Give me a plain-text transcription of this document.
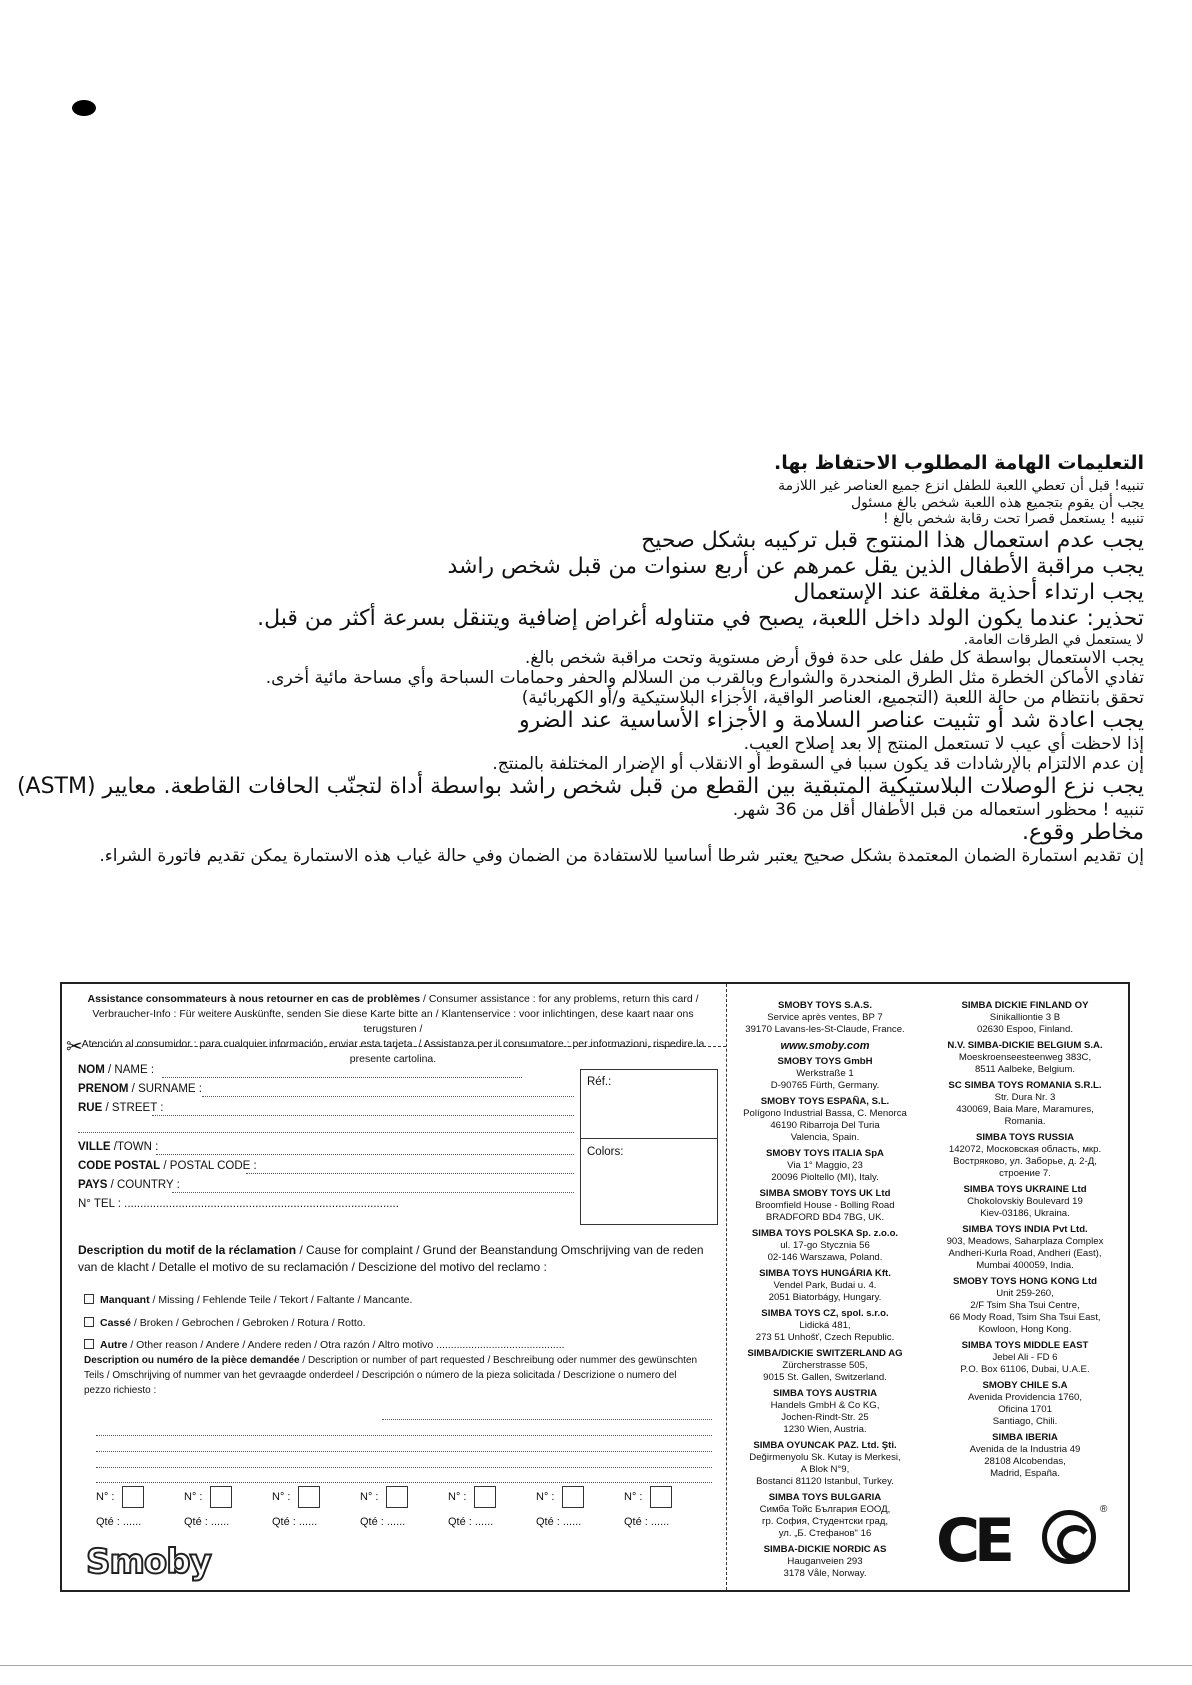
التعليمات الهامة المطلوب الاحتفاظ بها.
تنبيه! قبل أن تعطي اللعبة للطفل انزع جميع العناصر غير اللازمة
يجب أن يقوم بتجميع هذه اللعبة شخص بالغ مسئول
تنبيه ! يستعمل قصرا تحت رقابة شخص بالغ !
يجب عدم استعمال هذا المنتوج قبل تركيبه بشكل صحيح
يجب مراقبة الأطفال الذين يقل عمرهم عن أربع سنوات من قبل شخص راشد
يجب ارتداء أحذية مغلقة عند الإستعمال
تحذير: عندما يكون الولد داخل اللعبة، يصبح في متناوله أغراض إضافية ويتنقل بسرعة أكثر من قبل.
لا يستعمل في الطرقات العامة.
يجب الاستعمال بواسطة كل طفل على حدة فوق أرض مستوية وتحت مراقبة شخص بالغ.
تفادي الأماكن الخطرة مثل الطرق المنحدرة والشوارع وبالقرب من السلالم والحفر وحمامات السباحة وأي مساحة مائية أخرى.
تحقق بانتظام من حالة اللعبة (التجميع، العناصر الواقية، الأجزاء البلاستيكية و/أو الكهربائية)
يجب اعادة شد أو تثبيت عناصر السلامة و الأجزاء الأساسية عند الضرو
إذا لاحظت أي عيب لا تستعمل المنتج إلا بعد إصلاح العيب.
إن عدم الالتزام بالإرشادات قد يكون سببا في السقوط أو الانقلاب أو الإضرار المختلفة بالمنتج.
يجب نزع الوصلات البلاستيكية المتبقية بين القطع من قبل شخص راشد بواسطة أداة لتجنّب الحافات القاطعة. معايير (ASTM)
تنبيه ! محظور استعماله من قبل الأطفال أقل من 36 شهر.
مخاطر وقوع.
إن تقديم استمارة الضمان المعتمدة بشكل صحيح يعتبر شرطا أساسيا للاستفادة من الضمان وفي حالة غياب هذه الاستمارة يمكن تقديم فاتورة الشراء.
Assistance consommateurs à nous retourner en cas de problèmes / Consumer assistance : for any problems, return this card /
Verbraucher-Info : Für weitere Auskünfte, senden Sie diese Karte bitte an / Klantenservice : voor inlichtingen, dese kaart naar ons terugsturen /
Atención al consumidor : para cualquier información, enviar esta tarjeta. / Assistanza per il consumatore : per informazioni, rispedire la presente cartolina.
✂
NOM / NAME :
PRENOM / SURNAME :
RUE / STREET :
VILLE /TOWN :
CODE POSTAL / POSTAL CODE :
PAYS / COUNTRY :
N° TEL : ......................................................................................
Réf.:
Colors:
Description du motif de la réclamation / Cause for complaint / Grund der Beanstandung Omschrijving van de reden van de klacht / Detalle el motivo de su reclamación / Descizione del motivo del reclamo :
Manquant / Missing / Fehlende Teile / Tekort / Faltante / Mancante.
Cassé / Broken / Gebrochen / Gebroken / Rotura / Rotto.
Autre / Other reason / Andere / Andere reden / Otra razón / Altro motivo ............................................
Description ou numéro de la pièce demandée / Description or number of part requested / Beschreibung oder nummer des gewünschten Teils / Omschrijving of nummer van het gevraagde onderdeel / Descripción o número de la pieza solicitada / Descrizione o numero del pezzo richiesto :
N° :
Qté : ......
N° :
Qté : ......
N° :
Qté : ......
N° :
Qté : ......
N° :
Qté : ......
N° :
Qté : ......
N° :
Qté : ......
Smoby
SMOBY TOYS S.A.S.
Service après ventes, BP 7
39170 Lavans-les-St-Claude, France.
www.smoby.com
SMOBY TOYS GmbH
Werkstraße 1
D-90765 Fürth, Germany.
SMOBY TOYS ESPAÑA, S.L.
Polígono Industrial Bassa, C. Menorca
46190 Ribarroja Del Turia
Valencia, Spain.
SMOBY TOYS ITALIA SpA
Via 1° Maggio, 23
20096 Pioltello (MI), Italy.
SIMBA SMOBY TOYS UK Ltd
Broomfield House - Bolling Road
BRADFORD BD4 7BG, UK.
SIMBA TOYS POLSKA Sp. z.o.o.
ul. 17-go Stycznia 56
02-146 Warszawa, Poland.
SIMBA TOYS HUNGÁRIA Kft.
Vendel Park, Budai u. 4.
2051 Biatorbágy, Hungary.
SIMBA TOYS CZ, spol. s.r.o.
Lidická 481,
273 51 Unhošť, Czech Republic.
SIMBA/DICKIE SWITZERLAND AG
Zürcherstrasse 505,
9015 St. Gallen, Switzerland.
SIMBA TOYS AUSTRIA
Handels GmbH & Co KG,
Jochen-Rindt-Str. 25
1230 Wien, Austria.
SIMBA OYUNCAK PAZ. Ltd. Şti.
Değirmenyolu Sk. Kutay is Merkesi,
A Blok N°9,
Bostanci 81120 Istanbul, Turkey.
SIMBA TOYS BULGARIA
Симба Тойс България ЕООД,
гр. София, Студентски град,
ул. „Б. Стефанов" 16
SIMBA-DICKIE NORDIC AS
Hauganveien 293
3178 Våle, Norway.
SIMBA DICKIE FINLAND OY
Sinikalliontie 3 B
02630 Espoo, Finland.
N.V. SIMBA-DICKIE BELGIUM S.A.
Moeskroenseesteenweg 383C,
8511 Aalbeke, Belgium.
SC SIMBA TOYS ROMANIA S.R.L.
Str. Dura Nr. 3
430069, Baia Mare, Maramures,
Romania.
SIMBA TOYS RUSSIA
142072, Московская область, мкр.
Востряково, ул. Заборье, д. 2-Д,
строение 7.
SIMBA TOYS UKRAINE Ltd
Chokolovskiy Boulevard 19
Kiev-03186, Ukraina.
SIMBA TOYS INDIA Pvt Ltd.
903, Meadows, Saharplaza Complex
Andheri-Kurla Road, Andheri (East),
Mumbai 400059, India.
SMOBY TOYS HONG KONG Ltd
Unit 259-260,
2/F Tsim Sha Tsui Centre,
66 Mody Road, Tsim Sha Tsui East,
Kowloon, Hong Kong.
SIMBA TOYS MIDDLE EAST
Jebel Ali - FD 6
P.O. Box 61106, Dubai, U.A.E.
SMOBY CHILE S.A
Avenida Providencia 1760,
Oficina 1701
Santiago, Chili.
SIMBA IBERIA
Avenida de la Industria 49
28108 Alcobendas,
Madrid, España.
CE	®
